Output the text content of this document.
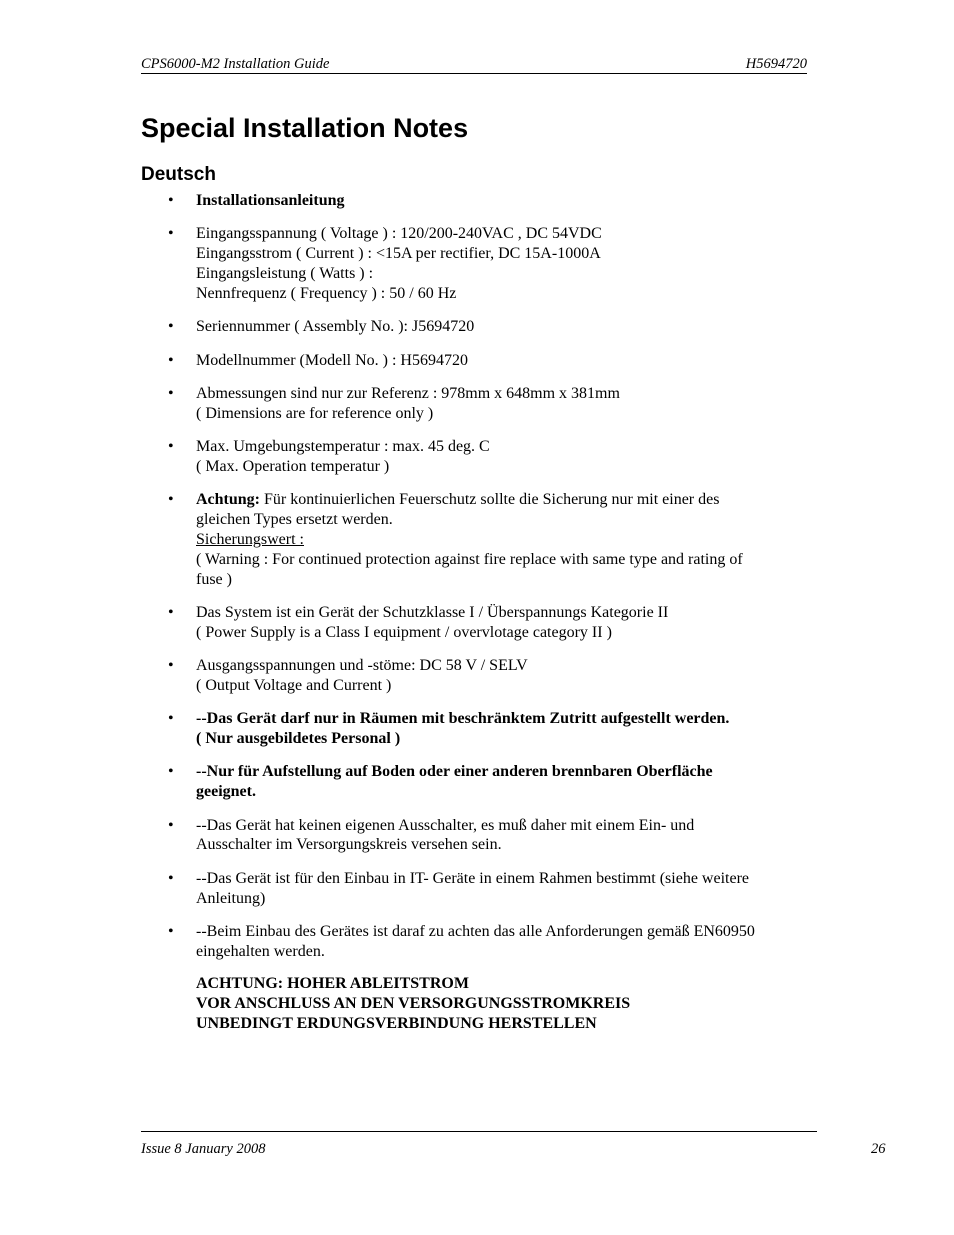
CPS6000-M2 Installation Guide	H5694720
Special Installation Notes
Deutsch
• Installationsanleitung
• Eingangsspannung ( Voltage ) : 120/200-240VAC , DC 54VDC
Eingangsstrom ( Current ) : <15A per rectifier, DC 15A-1000A
Eingangsleistung ( Watts ) :
Nennfrequenz ( Frequency ) : 50 / 60 Hz
• Seriennummer ( Assembly No. ): J5694720
• Modellnummer (Modell No. ) : H5694720
• Abmessungen sind nur zur Referenz : 978mm x 648mm x 381mm
( Dimensions are for reference only )
• Max. Umgebungstemperatur : max. 45 deg. C
( Max. Operation temperatur )
• Achtung: Für kontinuierlichen Feuerschutz sollte die Sicherung nur mit einer des
gleichen Types ersetzt werden.
Sicherungswert :
( Warning : For continued protection against fire replace with same type and rating of
fuse )
• Das System ist ein Gerät der Schutzklasse I / Überspannungs Kategorie II
( Power Supply is a Class I equipment / overvlotage category II )
• Ausgangsspannungen und -stöme: DC 58 V / SELV
( Output Voltage and Current )
• --Das Gerät darf nur in Räumen mit beschränktem Zutritt aufgestellt werden.
( Nur ausgebildetes Personal )
• --Nur für Aufstellung auf Boden oder einer anderen brennbaren Oberfläche
geeignet.
• --Das Gerät hat keinen eigenen Ausschalter, es muß daher mit einem Ein- und
Ausschalter im Versorgungskreis versehen sein.
• --Das Gerät ist für den Einbau in IT- Geräte in einem Rahmen bestimmt (siehe weitere
Anleitung)
• --Beim Einbau des Gerätes ist daraf zu achten das alle Anforderungen gemäß EN60950
eingehalten werden.
ACHTUNG: HOHER ABLEITSTROM
VOR ANSCHLUSS AN DEN VERSORGUNGSSTROMKREIS
UNBEDINGT ERDUNGSVERBINDUNG HERSTELLEN
Issue 8 January 2008	26
